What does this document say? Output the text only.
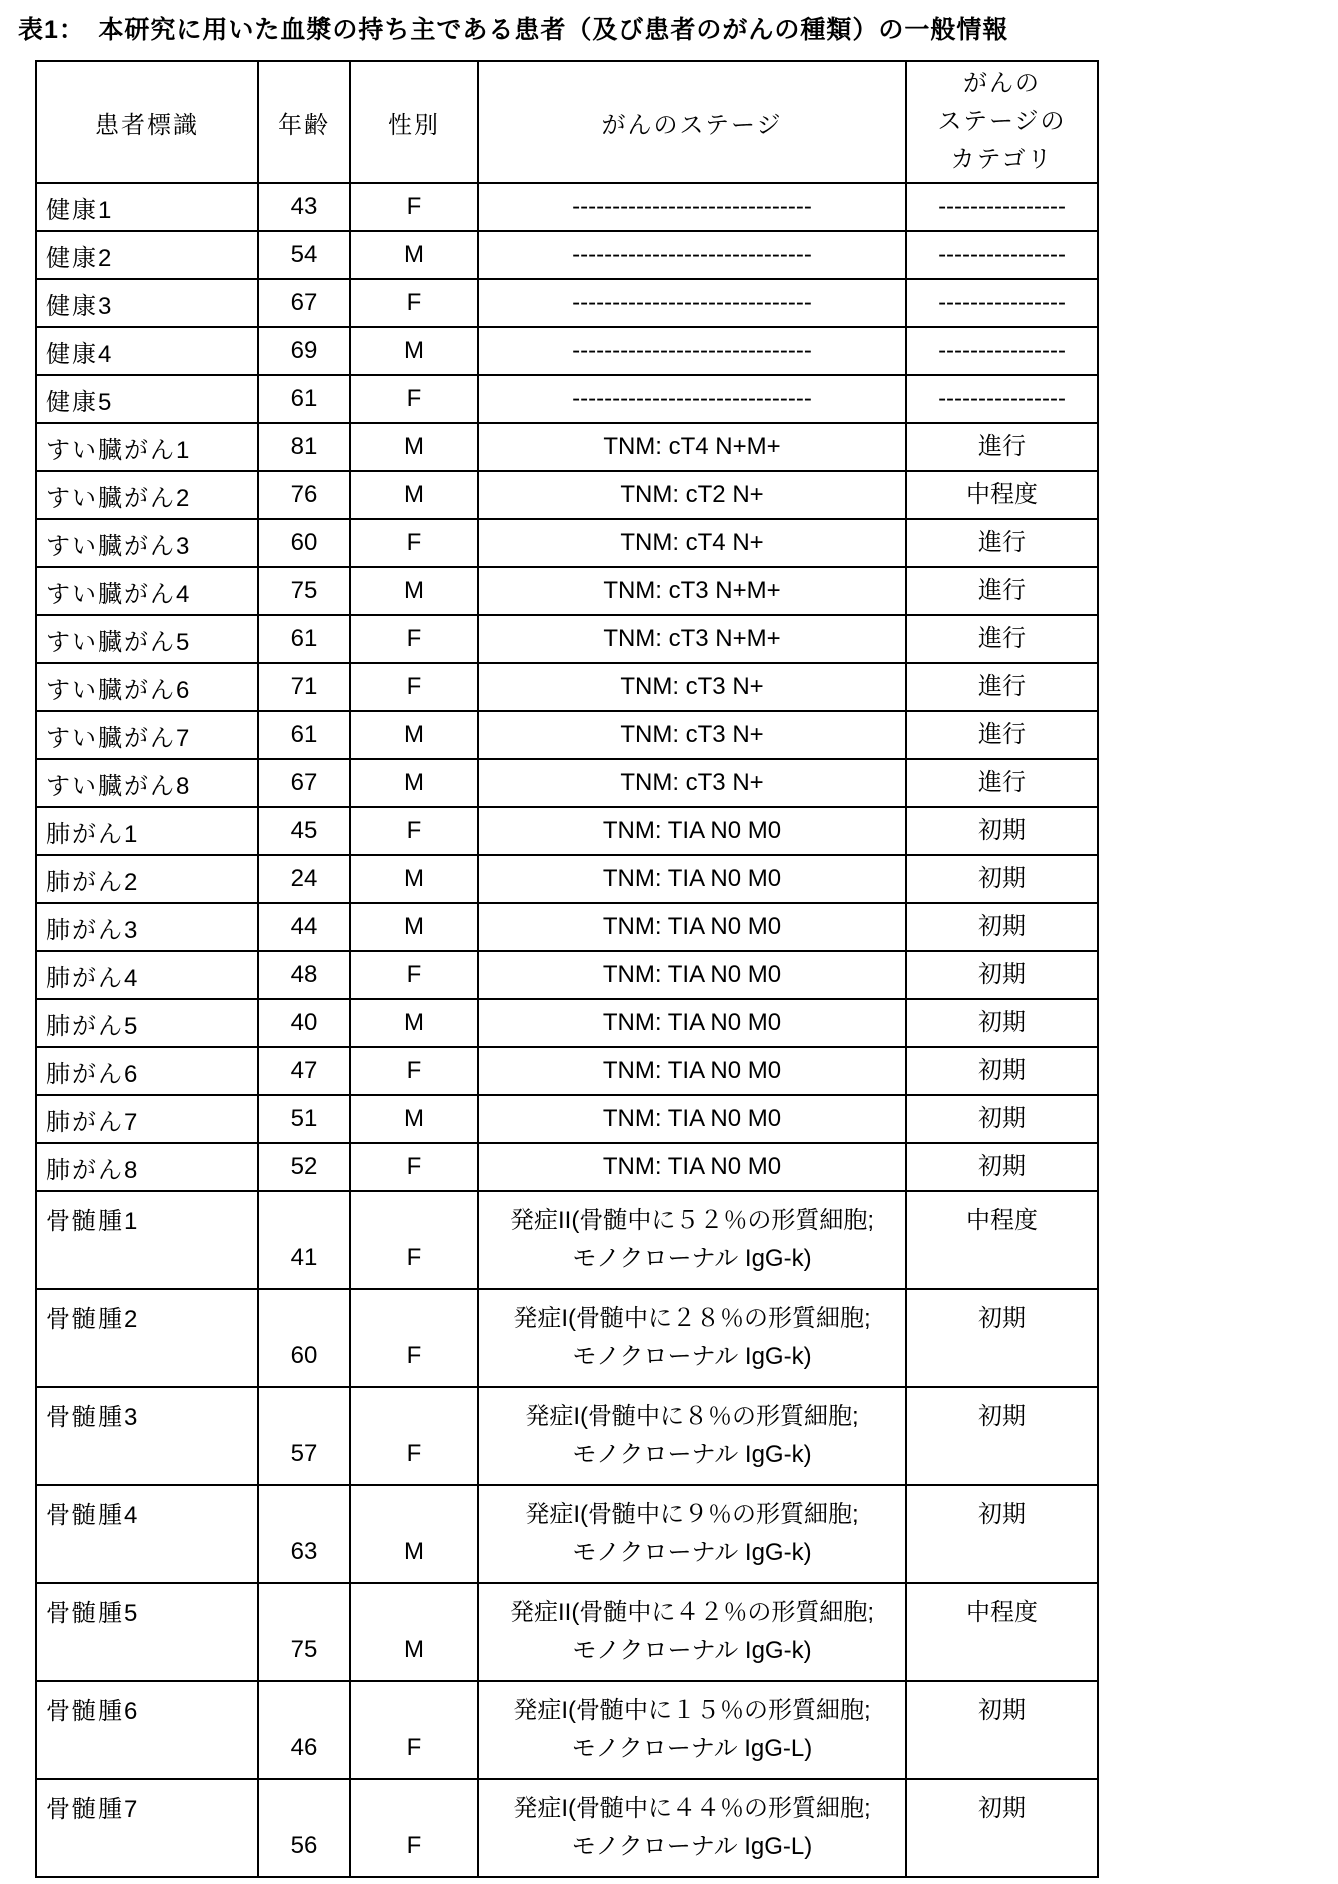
表1：　本研究に用いた血漿の持ち主である患者（及び患者のがんの種類）の一般情報
患者標識	年齢	性別	がんのステージ	がんの
ステージの
カテゴリ
健康1	43	F	------------------------------	----------------
健康2	54	M	------------------------------	----------------
健康3	67	F	------------------------------	----------------
健康4	69	M	------------------------------	----------------
健康5	61	F	------------------------------	----------------
すい臓がん1	81	M	TNM: cT4 N+M+	進行
すい臓がん2	76	M	TNM: cT2 N+	中程度
すい臓がん3	60	F	TNM: cT4 N+	進行
すい臓がん4	75	M	TNM: cT3 N+M+	進行
すい臓がん5	61	F	TNM: cT3 N+M+	進行
すい臓がん6	71	F	TNM: cT3 N+	進行
すい臓がん7	61	M	TNM: cT3 N+	進行
すい臓がん8	67	M	TNM: cT3 N+	進行
肺がん1	45	F	TNM: TIA N0 M0	初期
肺がん2	24	M	TNM: TIA N0 M0	初期
肺がん3	44	M	TNM: TIA N0 M0	初期
肺がん4	48	F	TNM: TIA N0 M0	初期
肺がん5	40	M	TNM: TIA N0 M0	初期
肺がん6	47	F	TNM: TIA N0 M0	初期
肺がん7	51	M	TNM: TIA N0 M0	初期
肺がん8	52	F	TNM: TIA N0 M0	初期
骨髄腫1	41	F	発症II(骨髄中に５２％の形質細胞;
モノクローナル IgG-k)	中程度
骨髄腫2	60	F	発症I(骨髄中に２８％の形質細胞;
モノクローナル IgG-k)	初期
骨髄腫3	57	F	発症I(骨髄中に８％の形質細胞;
モノクローナル IgG-k)	初期
骨髄腫4	63	M	発症I(骨髄中に９％の形質細胞;
モノクローナル IgG-k)	初期
骨髄腫5	75	M	発症II(骨髄中に４２％の形質細胞;
モノクローナル IgG-k)	中程度
骨髄腫6	46	F	発症I(骨髄中に１５％の形質細胞;
モノクローナル IgG-L)	初期
骨髄腫7	56	F	発症I(骨髄中に４４％の形質細胞;
モノクローナル IgG-L)	初期
